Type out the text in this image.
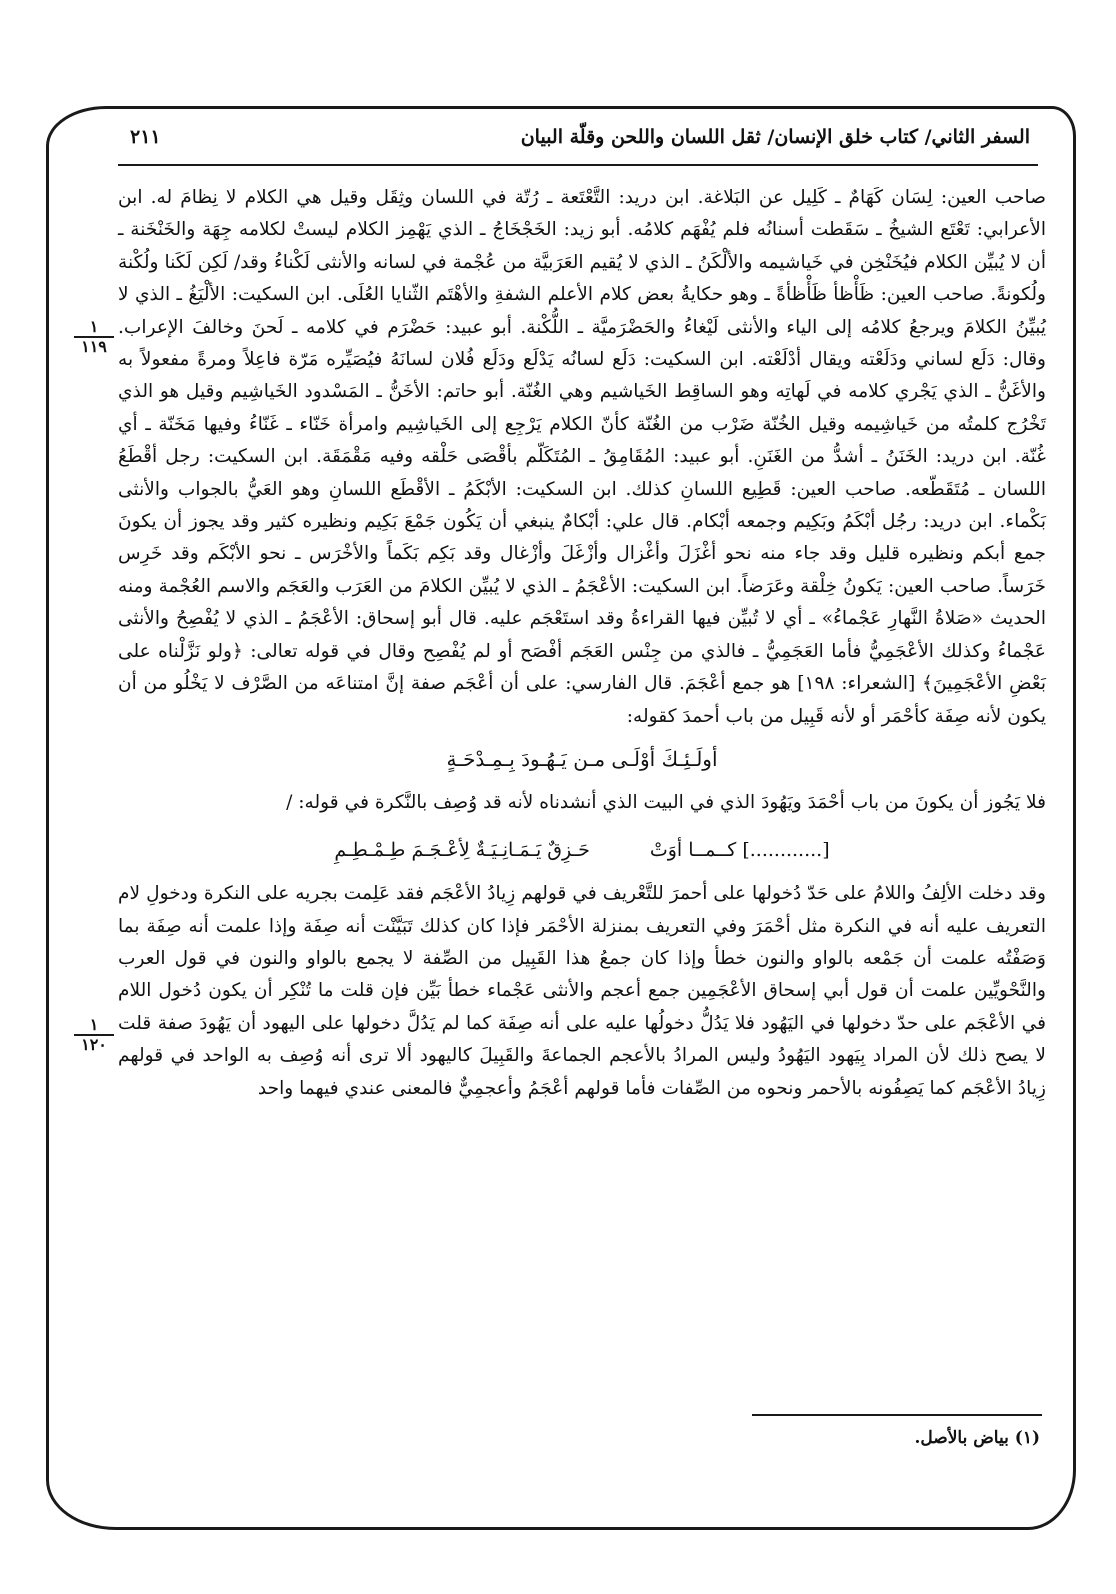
السفر الثاني/ كتاب خلق الإنسان/ ثقل اللسان واللحن وقلّة البيان
٢١١
١
١١٩
١
١٢٠

صاحب العين: لِسَان كَهَامٌ ـ كَلِيل عن البَلاغة. ابن دريد: التَّعْتَعة ـ رُتّة في اللسان وثِقَل وقيل هي الكلام لا نِظامَ له. ابن الأعرابي: تَعْتَع الشيخُ ـ سَقَطت أسنانُه فلم يُفْهَم كلامُه. أبو زيد: الخَجْخَاجُ ـ الذي يَهْمِز الكلام ليستْ لكلامه جِهَة والخَنْخَنة ـ أن لا يُبيِّن الكلام فيُخَنْخِن في خَياشيمه والألْكَنُ ـ الذي لا يُقيم العَرَبيَّة من عُجْمة في لسانه والأنثى لَكْناءُ وقد/ لَكِن لَكَنا ولُكْنة ولُكونةً. صاحب العين: ظَأْظأ ظَأْظأةً ـ وهو حكايةُ بعض كلام الأعلم الشفةِ والأهْتَم الثّنايا العُلَى. ابن السكيت: الألْيَغُ ـ الذي لا يُبيِّنُ الكلامَ ويرجعُ كلامُه إلى الياء والأنثى لَيْغاءُ والحَضْرَميَّة ـ اللُّكْنة. أبو عبيد: حَضْرَم في كلامه ـ لَحنَ وخالفَ الإعراب. وقال: دَلَع لساني ودَلَعْته ويقال أدْلَعْته. ابن السكيت: دَلَع لسانُه يَدْلَع ودَلَع فُلان لسانَهُ فيُصَيِّره مَرّة فاعِلاً ومرةً مفعولاً به والأغَنُّ ـ الذي يَجْري كلامه في لَهاتِه وهو الساقِط الخَياشيم وهي الغُنّة. أبو حاتم: الأخَنُّ ـ المَسْدود الخَياشِيم وقيل هو الذي تَخْرُج كلمتُه من خَياشِيمه وقيل الخُنّة ضَرْب من الغُنّة كأنّ الكلام يَرْجِع إلى الخَياشِيم وامرأة خَنّاء ـ غَنّاءُ وفيها مَخَنّة ـ أي غُنّة. ابن دريد: الخَنَنُ ـ أشدُّ من الغَنَنِ. أبو عبيد: المُقَامِقُ ـ المُتَكَلّم بأقْصَى حَلْقه وفيه مَقْمَقَة. ابن السكيت: رجل أقْطَعُ اللسان ـ مُتَقَطّعه. صاحب العين: قَطِيع اللسانِ كذلك. ابن السكيت: الأبْكَمُ ـ الأقْطَع اللسانِ وهو العَيُّ بالجواب والأنثى بَكْماء. ابن دريد: رجُل أبْكَمُ وبَكِيم وجمعه أبْكام. قال علي: أبْكامٌ ينبغي أن يَكُون جَمْعَ بَكِيم ونظيره كثير وقد يجوز أن يكونَ جمع أبكم ونظيره قليل وقد جاء منه نحو أغْزَلَ وأغْزال وأزْغَلَ وأزْغال وقد بَكِم بَكَماً والأخْرَس ـ نحو الأبْكَم وقد خَرِس خَرَساً. صاحب العين: يَكونُ خِلْقة وعَرَضاً. ابن السكيت: الأعْجَمُ ـ الذي لا يُبيِّن الكلامَ من العَرَب والعَجَم والاسم العُجْمة ومنه الحديث «صَلاةُ النَّهارِ عَجْماءُ» ـ أي لا تُبيِّن فيها القراءةُ وقد استَعْجَم عليه. قال أبو إسحاق: الأعْجَمُ ـ الذي لا يُفْصِحُ والأنثى عَجْماءُ وكذلك الأعْجَمِيُّ فأما العَجَمِيُّ ـ فالذي من جِنْس العَجَم أفْصَح أو لم يُفْصِح وقال في قوله تعالى: ﴿ولو نَزَّلْناه على بَعْضِ الأعْجَمِينَ﴾ [الشعراء: ١٩٨] هو جمع أعْجَمَ. قال الفارسي: على أن أعْجَم صفة إنَّ امتناعَه من الصَّرْف لا يَخْلُو من أن يكون لأنه صِفَة كأحْمَر أو لأنه قَبِيل من باب أحمدَ كقوله:

أولَـئِـكَ أوْلَـى مـن يَـهُـودَ بِـمِـدْحَـةٍ

فلا يَجُوز أن يكونَ من باب أحْمَدَ ويَهُودَ الذي في البيت الذي أنشدناه لأنه قد وُصِف بالنَّكرة في قوله: /

[............] كــمــا أوَتْ
حَـزِقٌ يَـمَـانِـيَـةٌ لِأعْـجَـمَ طِـمْـطِـمِ

وقد دخلت الألِفُ واللامُ على حَدّ دُخولها على أحمرَ للتَّعْريف في قولهم زِيادُ الأعْجَم فقد عَلِمت بجريه على النكرة ودخولِ لام التعريف عليه أنه في النكرة مثل أحْمَرَ وفي التعريف بمنزلة الأحْمَر فإذا كان كذلك تَبَيَّنْت أنه صِفَة وإذا علمت أنه صِفَة بما وَصَفْتُه علمت أن جَمْعه بالواو والنون خطأ وإذا كان جمعُ هذا القَبِيل من الصِّفة لا يجمع بالواو والنون في قول العرب والنَّحْويِّين علمت أن قول أبي إسحاق الأعْجَمِين جمع أعجم والأنثى عَجْماء خطأ بَيِّن فإن قلت ما تُنْكِر أن يكون دُخول اللام في الأعْجَم على حدّ دخولها في اليَهُود فلا يَدُلُّ دخولُها عليه على أنه صِفَة كما لم يَدُلَّ دخولها على اليهود أن يَهُودَ صفة قلت لا يصح ذلك لأن المراد بِيَهود اليَهُودُ وليس المرادُ بالأعجم الجماعةَ والقَبِيلَ كاليهود ألا ترى أنه وُصِف به الواحد في قولهم زِيادُ الأعْجَم كما يَصِفُونه بالأحمر ونحوه من الصِّفات فأما قولهم أعْجَمُ وأعجمِيٌّ فالمعنى عندي فيهما واحد

(١) بياض بالأصل.
